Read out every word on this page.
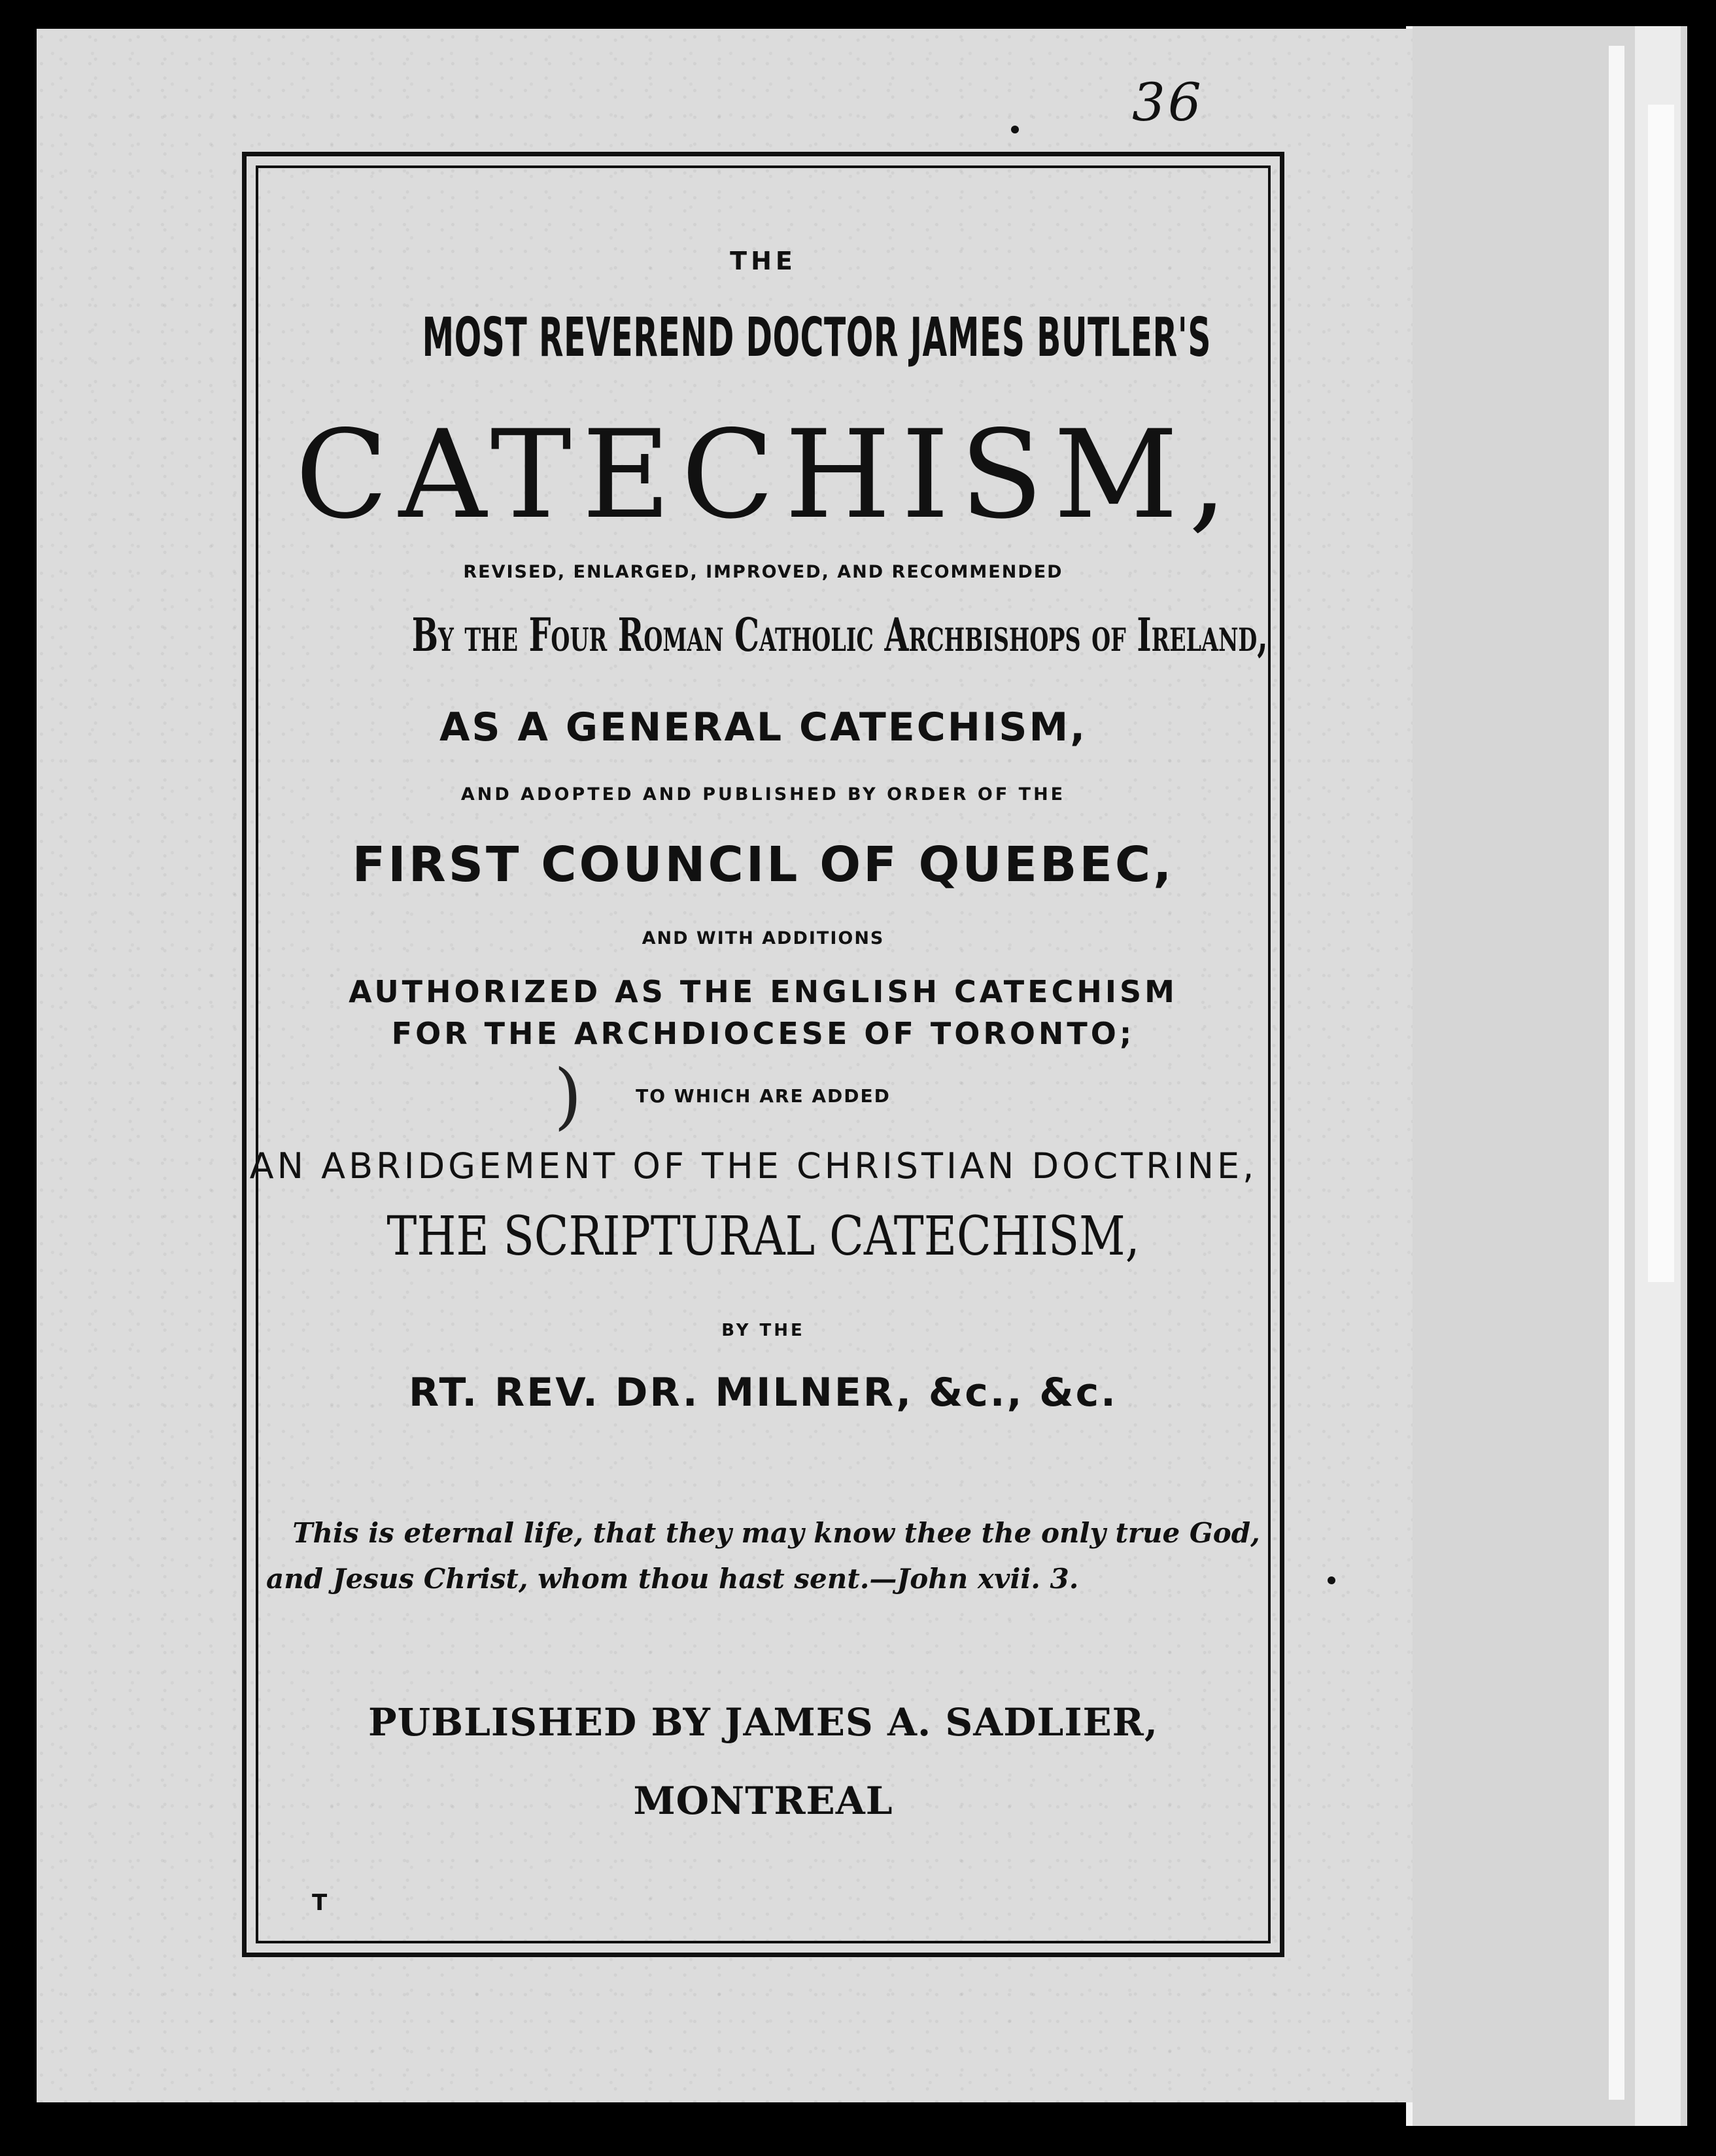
36
THE
MOST REVEREND DOCTOR JAMES BUTLER'S
CATECHISM,
REVISED, ENLARGED, IMPROVED, AND RECOMMENDED
By the Four Roman Catholic Archbishops of Ireland,
AS A GENERAL CATECHISM,
AND ADOPTED AND PUBLISHED BY ORDER OF THE
FIRST COUNCIL OF QUEBEC,
AND WITH ADDITIONS
AUTHORIZED AS THE ENGLISH CATECHISM
FOR THE ARCHDIOCESE OF TORONTO;
)	TO WHICH ARE ADDED
AN ABRIDGEMENT OF THE CHRISTIAN DOCTRINE,
THE SCRIPTURAL CATECHISM,
BY THE
RT. REV. DR. MILNER, &c., &c.
This is eternal life, that they may know thee the only true God,
and Jesus Christ, whom thou hast sent.—John xvii. 3.
PUBLISHED BY JAMES A. SADLIER,
MONTREAL
T
